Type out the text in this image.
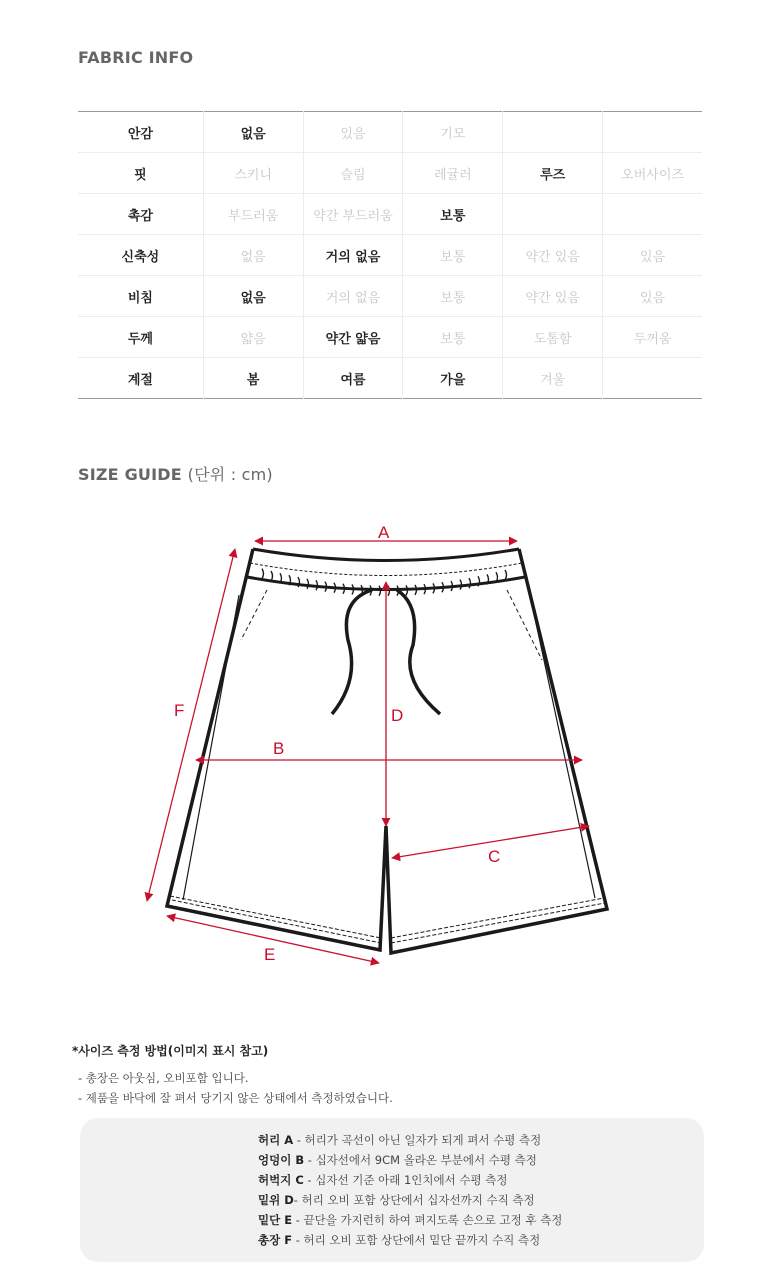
FABRIC INFO
안감	없음	있음	기모		
핏	스키니	슬림	레귤러	루즈	오버사이즈
촉감	부드러움	약간 부드러움	보통		
신축성	없음	거의 없음	보통	약간 있음	있음
비침	없음	거의 없음	보통	약간 있음	있음
두께	얇음	약간 얇음	보통	도톰함	두꺼움
계절	봄	여름	가을	겨울	
SIZE GUIDE (단위 : cm)
A
B
C
D
E
F
*사이즈 측정 방법(이미지 표시 참고)
- 총장은 아웃심, 오비포함 입니다.
- 제품을 바닥에 잘 펴서 당기지 않은 상태에서 측정하였습니다.
허리 A - 허리가 곡선이 아닌 일자가 되게 펴서 수평 측정
엉덩이 B - 십자선에서 9CM 올라온 부분에서 수평 측정
허벅지 C - 십자선 기준 아래 1인치에서 수평 측정
밑위 D- 허리 오비 포함 상단에서 십자선까지 수직 측정
밑단 E - 끝단을 가지런히 하여 펴지도록 손으로 고정 후 측정
총장 F - 허리 오비 포함 상단에서 밑단 끝까지 수직 측정
